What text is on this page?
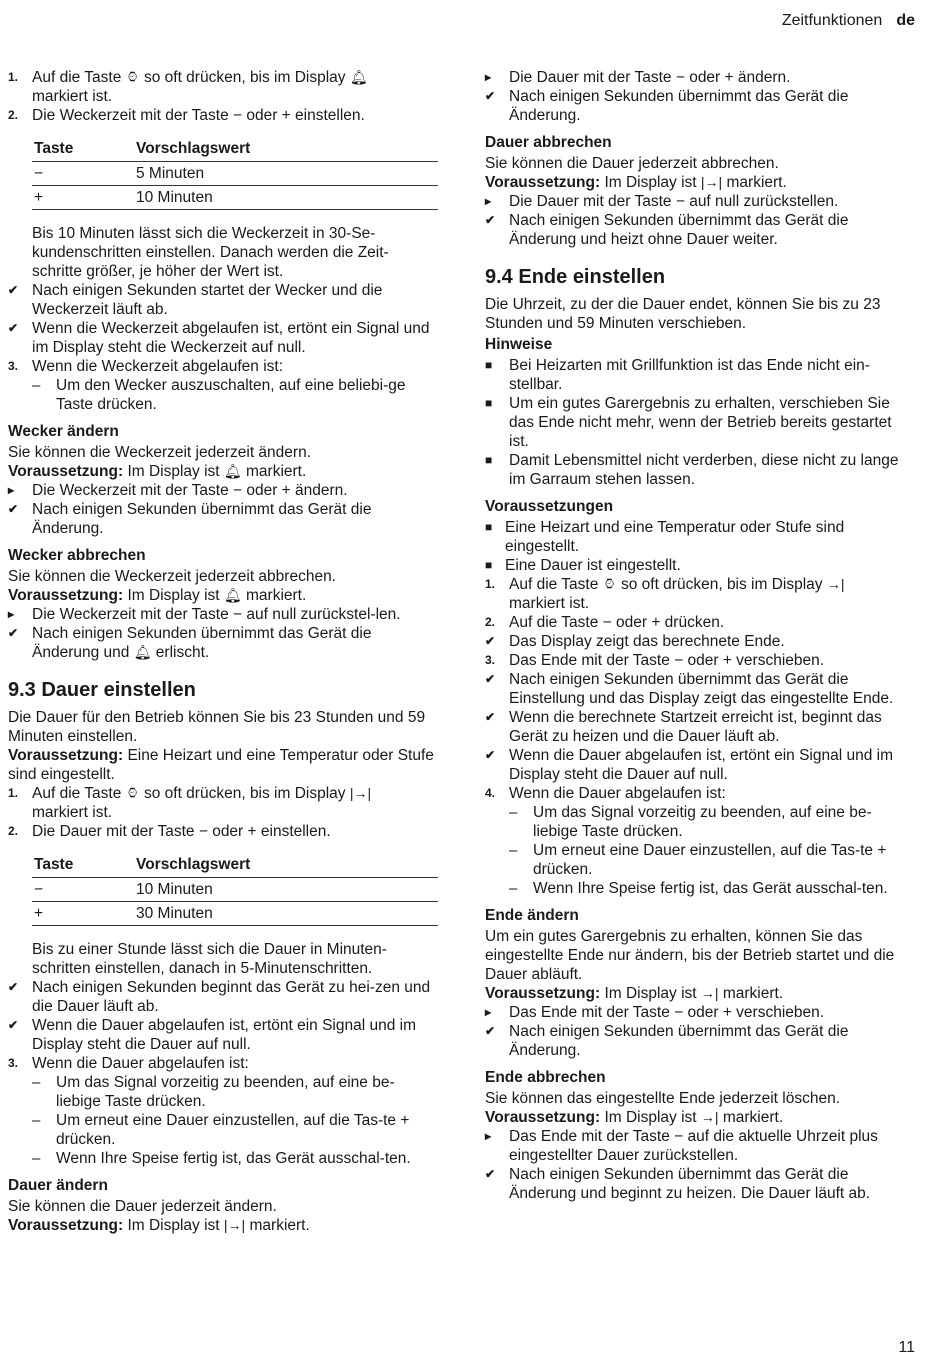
Zeitfunktionen de
1. Auf die Taste ⌚︎ so oft drücken, bis im Display 🔔︎
markiert ist.
2. Die Weckerzeit mit der Taste − oder + einstellen.
Taste	Vorschlagswert
−	5 Minuten
+	10 Minuten
Bis 10 Minuten lässt sich die Weckerzeit in 30-Se-kundenschritten einstellen. Danach werden die Zeit-schritte größer, je höher der Wert ist.
✔ Nach einigen Sekunden startet der Wecker und die Weckerzeit läuft ab.
✔ Wenn die Weckerzeit abgelaufen ist, ertönt ein Signal und im Display steht die Weckerzeit auf null.
3. Wenn die Weckerzeit abgelaufen ist:
–	Um den Wecker auszuschalten, auf eine beliebi-ge Taste drücken.
Wecker ändern
Sie können die Weckerzeit jederzeit ändern.
Voraussetzung: Im Display ist 🔔︎ markiert.
▸	Die Weckerzeit mit der Taste − oder + ändern.
✔ Nach einigen Sekunden übernimmt das Gerät die Änderung.
Wecker abbrechen
Sie können die Weckerzeit jederzeit abbrechen.
Voraussetzung: Im Display ist 🔔︎ markiert.
▸	Die Weckerzeit mit der Taste − auf null zurückstel-len.
✔ Nach einigen Sekunden übernimmt das Gerät die Änderung und 🔔︎ erlischt.
9.3 Dauer einstellen
Die Dauer für den Betrieb können Sie bis 23 Stunden und 59 Minuten einstellen.
Voraussetzung: Eine Heizart und eine Temperatur oder Stufe sind eingestellt.
1. Auf die Taste ⌚︎ so oft drücken, bis im Display |→|
markiert ist.
2. Die Dauer mit der Taste − oder + einstellen.
Taste	Vorschlagswert
−	10 Minuten
+	30 Minuten
Bis zu einer Stunde lässt sich die Dauer in Minuten-schritten einstellen, danach in 5-Minutenschritten.
✔ Nach einigen Sekunden beginnt das Gerät zu hei-zen und die Dauer läuft ab.
✔ Wenn die Dauer abgelaufen ist, ertönt ein Signal und im Display steht die Dauer auf null.
3. Wenn die Dauer abgelaufen ist:
–	Um das Signal vorzeitig zu beenden, auf eine be-liebige Taste drücken.
–	Um erneut eine Dauer einzustellen, auf die Tas-te + drücken.
–	Wenn Ihre Speise fertig ist, das Gerät ausschal-ten.
Dauer ändern
Sie können die Dauer jederzeit ändern.
Voraussetzung: Im Display ist |→| markiert.
▸	Die Dauer mit der Taste − oder + ändern.
✔ Nach einigen Sekunden übernimmt das Gerät die Änderung.
Dauer abbrechen
Sie können die Dauer jederzeit abbrechen.
Voraussetzung: Im Display ist |→| markiert.
▸	Die Dauer mit der Taste − auf null zurückstellen.
✔ Nach einigen Sekunden übernimmt das Gerät die Änderung und heizt ohne Dauer weiter.
9.4 Ende einstellen
Die Uhrzeit, zu der die Dauer endet, können Sie bis zu 23 Stunden und 59 Minuten verschieben.
Hinweise
■	Bei Heizarten mit Grillfunktion ist das Ende nicht ein-stellbar.
■	Um ein gutes Garergebnis zu erhalten, verschieben Sie das Ende nicht mehr, wenn der Betrieb bereits gestartet ist.
■	Damit Lebensmittel nicht verderben, diese nicht zu lange im Garraum stehen lassen.
Voraussetzungen
■ Eine Heizart und eine Temperatur oder Stufe sind eingestellt.
■ Eine Dauer ist eingestellt.
1. Auf die Taste ⌚︎ so oft drücken, bis im Display →|
markiert ist.
2. Auf die Taste − oder + drücken.
✔ Das Display zeigt das berechnete Ende.
3. Das Ende mit der Taste − oder + verschieben.
✔ Nach einigen Sekunden übernimmt das Gerät die Einstellung und das Display zeigt das eingestellte Ende.
✔ Wenn die berechnete Startzeit erreicht ist, beginnt das Gerät zu heizen und die Dauer läuft ab.
✔ Wenn die Dauer abgelaufen ist, ertönt ein Signal und im Display steht die Dauer auf null.
4. Wenn die Dauer abgelaufen ist:
–	Um das Signal vorzeitig zu beenden, auf eine be-liebige Taste drücken.
–	Um erneut eine Dauer einzustellen, auf die Tas-te + drücken.
–	Wenn Ihre Speise fertig ist, das Gerät ausschal-ten.
Ende ändern
Um ein gutes Garergebnis zu erhalten, können Sie das eingestellte Ende nur ändern, bis der Betrieb startet und die Dauer abläuft.
Voraussetzung: Im Display ist →| markiert.
▸	Das Ende mit der Taste − oder + verschieben.
✔ Nach einigen Sekunden übernimmt das Gerät die Änderung.
Ende abbrechen
Sie können das eingestellte Ende jederzeit löschen.
Voraussetzung: Im Display ist →| markiert.
▸	Das Ende mit der Taste − auf die aktuelle Uhrzeit plus eingestellter Dauer zurückstellen.
✔ Nach einigen Sekunden übernimmt das Gerät die Änderung und beginnt zu heizen. Die Dauer läuft ab.
11
